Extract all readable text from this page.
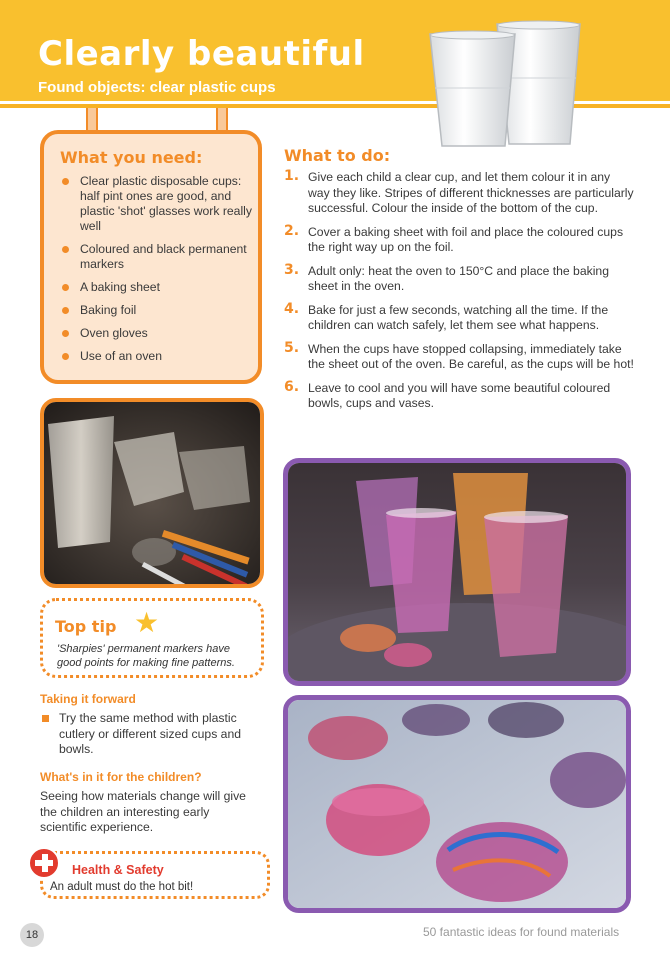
Clearly beautiful
Found objects: clear plastic cups
What you need:
Clear plastic disposable cups: half pint ones are good, and plastic 'shot' glasses work really well
Coloured and black permanent markers
A baking sheet
Baking foil
Oven gloves
Use of an oven
What to do:
1. Give each child a clear cup, and let them colour it in any way they like. Stripes of different thicknesses are particularly successful. Colour the inside of the bottom of the cup.
2. Cover a baking sheet with foil and place the coloured cups the right way up on the foil.
3. Adult only: heat the oven to 150°C and place the baking sheet in the oven.
4. Bake for just a few seconds, watching all the time. If the children can watch safely, let them see what happens.
5. When the cups have stopped collapsing, immediately take the sheet out of the oven. Be careful, as the cups will be hot!
6. Leave to cool and you will have some beautiful coloured bowls, cups and vases.
Top tip ★
'Sharpies' permanent markers have good points for making fine patterns.
Taking it forward
Try the same method with plastic cutlery or different sized cups and bowls.
What's in it for the children?
Seeing how materials change will give the children an interesting early scientific experience.
Health & Safety
An adult must do the hot bit!
18	50 fantastic ideas for found materials
